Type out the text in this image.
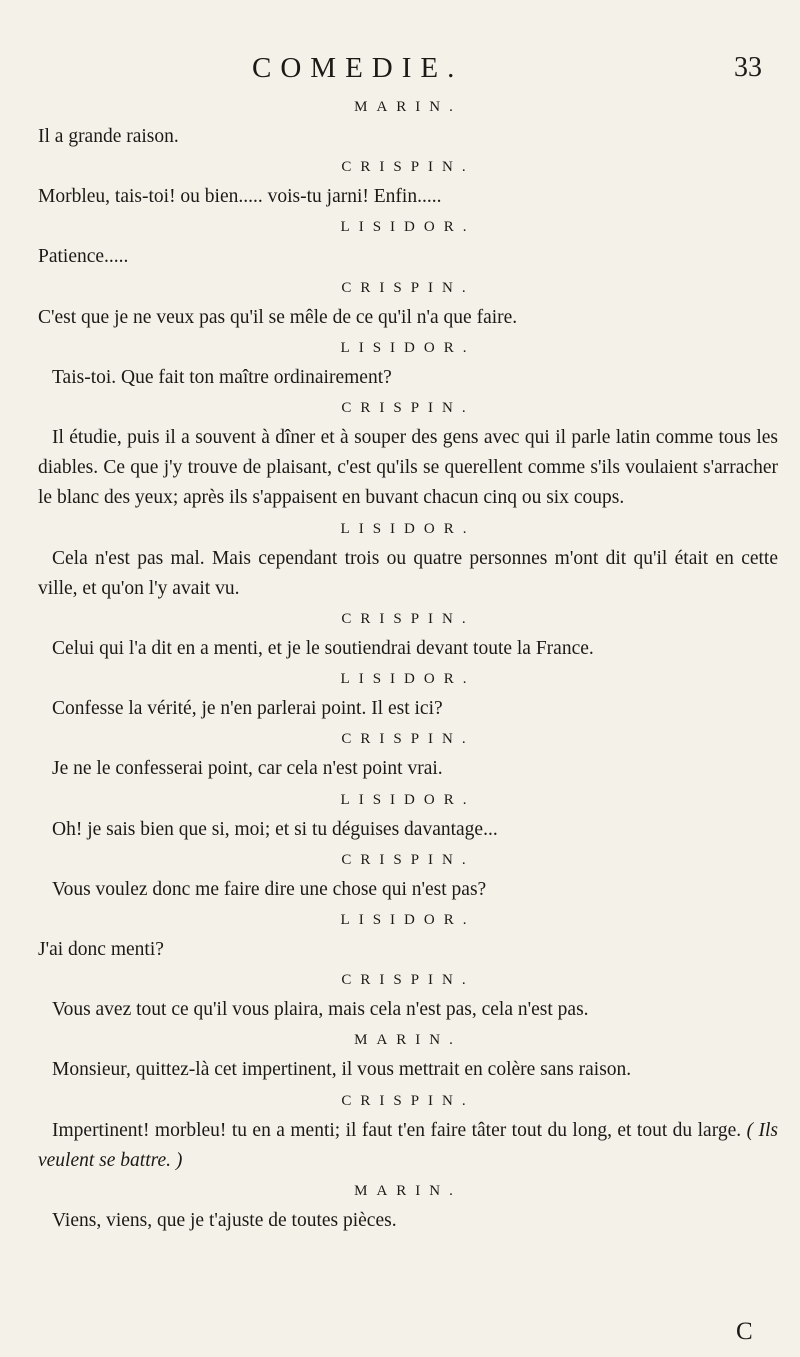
COMEDIE.	33
MARIN.
Il a grande raison.
CRISPIN.
Morbleu, tais-toi! ou bien..... vois-tu jarni! Enfin.....
LISIDOR.
Patience.....
CRISPIN.
C'est que je ne veux pas qu'il se mêle de ce qu'il n'a que faire.
LISIDOR.
Tais-toi. Que fait ton maître ordinairement?
CRISPIN.
Il étudie, puis il a souvent à dîner et à souper des gens avec qui il parle latin comme tous les diables. Ce que j'y trouve de plaisant, c'est qu'ils se querellent comme s'ils voulaient s'arracher le blanc des yeux; après ils s'appaisent en buvant chacun cinq ou six coups.
LISIDOR.
Cela n'est pas mal. Mais cependant trois ou quatre personnes m'ont dit qu'il était en cette ville, et qu'on l'y avait vu.
CRISPIN.
Celui qui l'a dit en a menti, et je le soutiendrai devant toute la France.
LISIDOR.
Confesse la vérité, je n'en parlerai point. Il est ici?
CRISPIN.
Je ne le confesserai point, car cela n'est point vrai.
LISIDOR.
Oh! je sais bien que si, moi; et si tu déguises davantage...
CRISPIN.
Vous voulez donc me faire dire une chose qui n'est pas?
LISIDOR.
J'ai donc menti?
CRISPIN.
Vous avez tout ce qu'il vous plaira, mais cela n'est pas, cela n'est pas.
MARIN.
Monsieur, quittez-là cet impertinent, il vous mettrait en colère sans raison.
CRISPIN.
Impertinent! morbleu! tu en a menti; il faut t'en faire tâter tout du long, et tout du large. ( Ils veulent se battre. )
MARIN.
Viens, viens, que je t'ajuste de toutes pièces.
C
